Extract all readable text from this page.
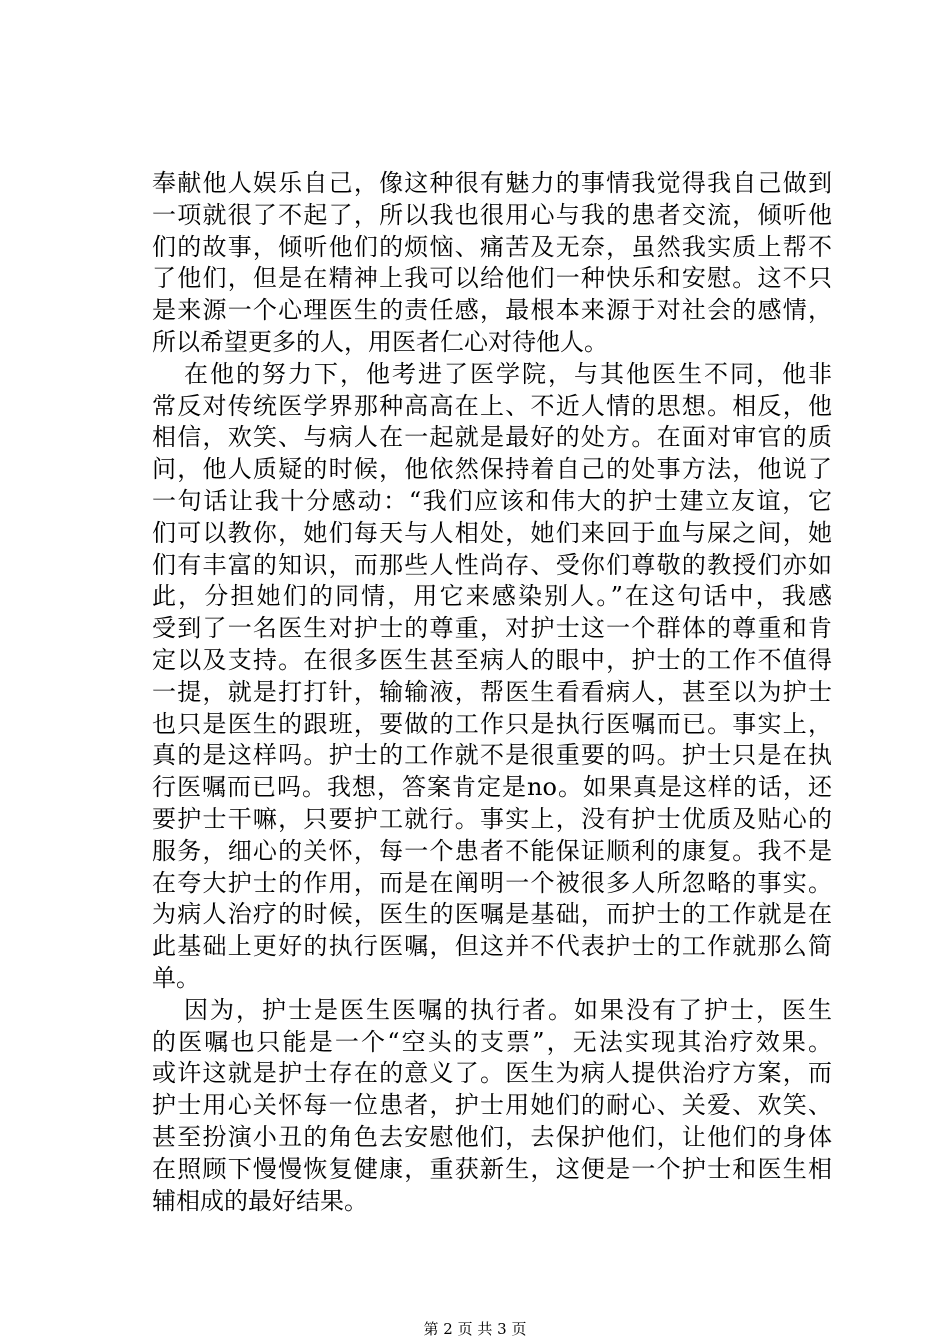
奉献他人娱乐自己，像这种很有魅力的事情我觉得我自己做到
一项就很了不起了，所以我也很用心与我的患者交流，倾听他
们的故事，倾听他们的烦恼、痛苦及无奈，虽然我实质上帮不
了他们，但是在精神上我可以给他们一种快乐和安慰。这不只
是来源一个心理医生的责任感，最根本来源于对社会的感情，
所以希望更多的人，用医者仁心对待他人。
在他的努力下，他考进了医学院，与其他医生不同，他非
常反对传统医学界那种高高在上、不近人情的思想。相反，他
相信，欢笑、与病人在一起就是最好的处方。在面对审官的质
问，他人质疑的时候，他依然保持着自己的处事方法，他说了
一句话让我十分感动：“我们应该和伟大的护士建立友谊，它
们可以教你，她们每天与人相处，她们来回于血与屎之间，她
们有丰富的知识，而那些人性尚存、受你们尊敬的教授们亦如
此，分担她们的同情，用它来感染别人。”在这句话中，我感
受到了一名医生对护士的尊重，对护士这一个群体的尊重和肯
定以及支持。在很多医生甚至病人的眼中，护士的工作不值得
一提，就是打打针，输输液，帮医生看看病人，甚至以为护士
也只是医生的跟班，要做的工作只是执行医嘱而已。事实上，
真的是这样吗。护士的工作就不是很重要的吗。护士只是在执
行医嘱而已吗。我想，答案肯定是no。如果真是这样的话，还
要护士干嘛，只要护工就行。事实上，没有护士优质及贴心的
服务，细心的关怀，每一个患者不能保证顺利的康复。我不是
在夸大护士的作用，而是在阐明一个被很多人所忽略的事实。
为病人治疗的时候，医生的医嘱是基础，而护士的工作就是在
此基础上更好的执行医嘱，但这并不代表护士的工作就那么简
单。
因为，护士是医生医嘱的执行者。如果没有了护士，医生
的医嘱也只能是一个“空头的支票”，无法实现其治疗效果。
或许这就是护士存在的意义了。医生为病人提供治疗方案，而
护士用心关怀每一位患者，护士用她们的耐心、关爱、欢笑、
甚至扮演小丑的角色去安慰他们，去保护他们，让他们的身体
在照顾下慢慢恢复健康，重获新生，这便是一个护士和医生相
辅相成的最好结果。
第 2 页 共 3 页
